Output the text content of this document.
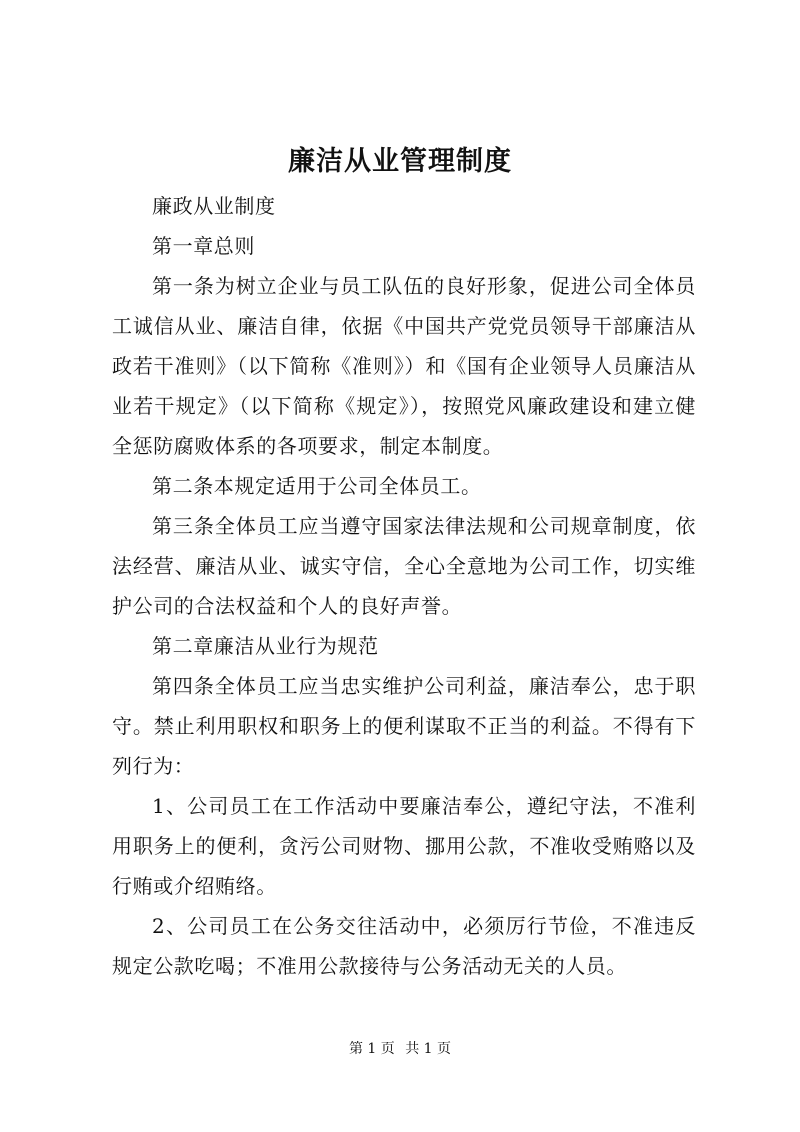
廉洁从业管理制度

廉政从业制度

第一章总则

第一条为树立企业与员工队伍的良好形象，促进公司全体员工诚信从业、廉洁自律，依据《中国共产党党员领导干部廉洁从政若干准则》（以下简称《准则》）和《国有企业领导人员廉洁从业若干规定》（以下简称《规定》），按照党风廉政建设和建立健全惩防腐败体系的各项要求，制定本制度。

第二条本规定适用于公司全体员工。

第三条全体员工应当遵守国家法律法规和公司规章制度，依法经营、廉洁从业、诚实守信，全心全意地为公司工作，切实维护公司的合法权益和个人的良好声誉。

第二章廉洁从业行为规范

第四条全体员工应当忠实维护公司利益，廉洁奉公，忠于职守。禁止利用职权和职务上的便利谋取不正当的利益。不得有下列行为：

1、公司员工在工作活动中要廉洁奉公，遵纪守法，不准利用职务上的便利，贪污公司财物、挪用公款，不准收受贿赂以及行贿或介绍贿络。

2、公司员工在公务交往活动中，必须厉行节俭，不准违反规定公款吃喝；不准用公款接待与公务活动无关的人员。

第 1 页 共 1 页
